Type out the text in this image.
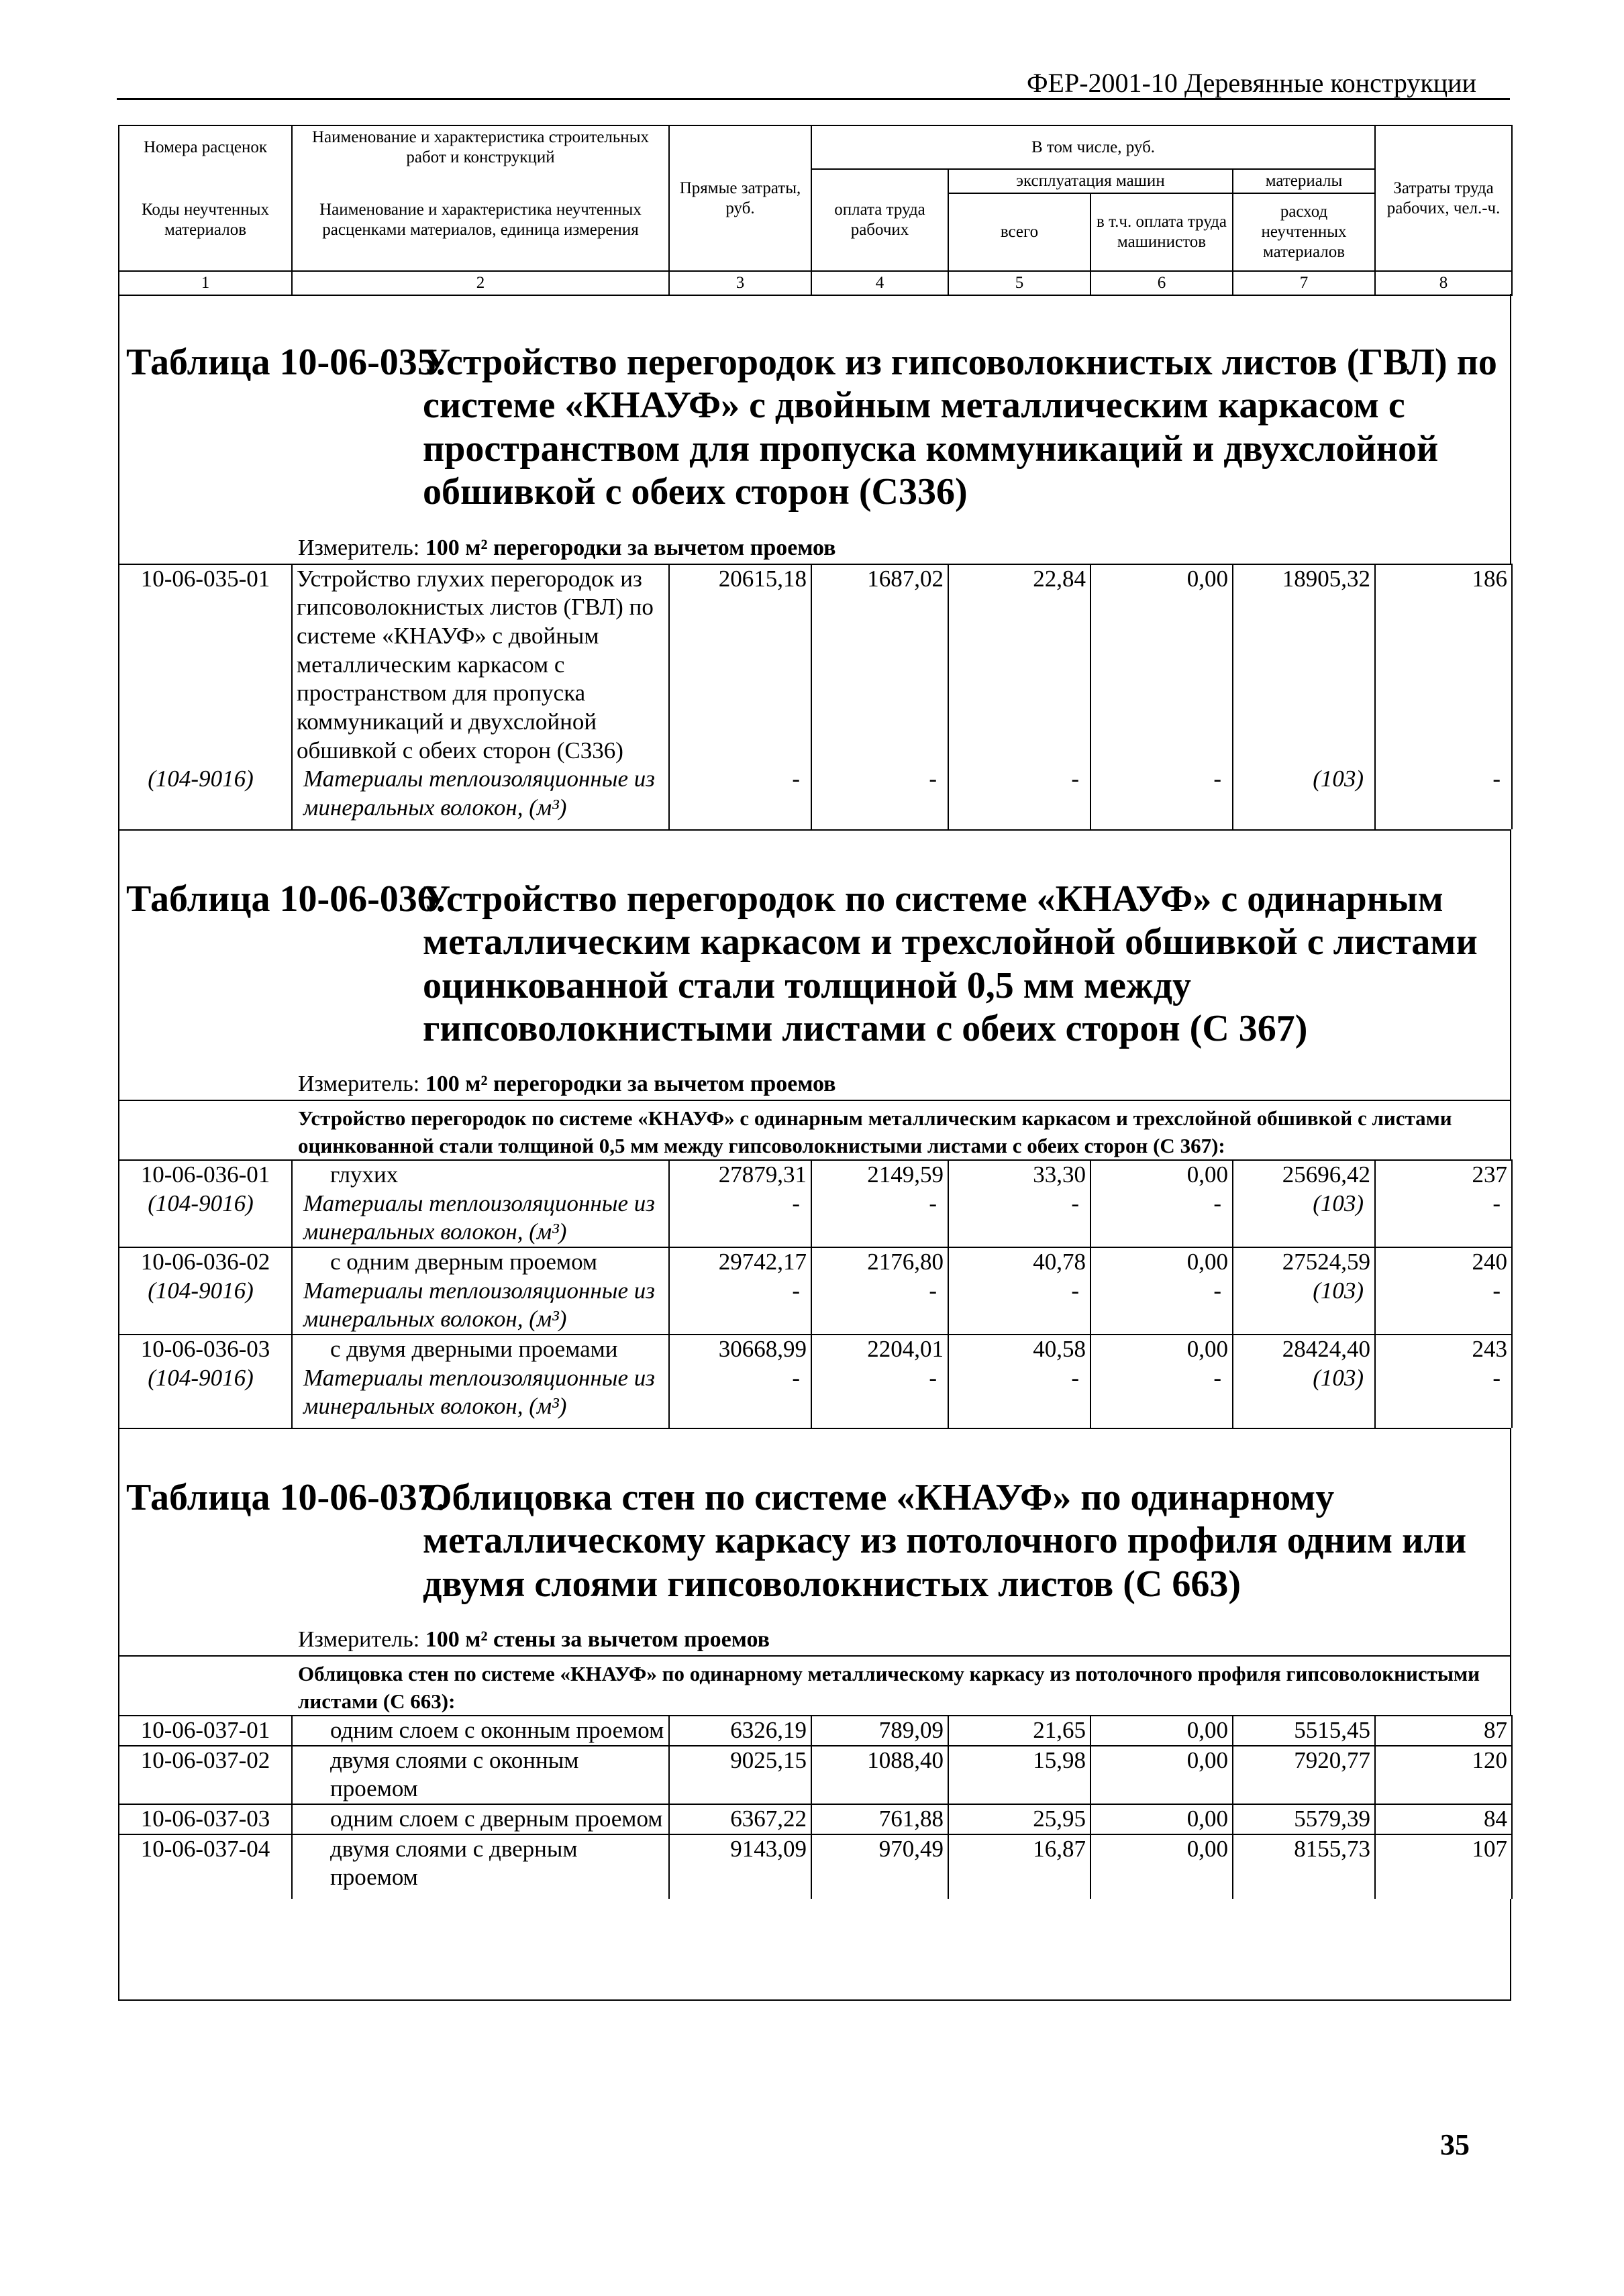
ФЕР-2001-10 Деревянные конструкции
Номера расценок	Наименование и характеристика строительных работ и конструкций	Прямые затраты, руб.	В том числе, руб.				Затраты труда рабочих, чел.-ч.
Коды неучтенных материалов	Наименование и характеристика неучтенных расценками материалов, единица измерения		оплата труда рабочих	эксплуатация машин		материалы	
				всего	в т.ч. оплата труда машинистов	расход неучтенных материалов	
1	2	3	4	5	6	7	8
Таблица 10-06-035.
Устройство перегородок из гипсоволокнистых листов (ГВЛ) по системе «КНАУФ» с двойным металлическим каркасом с пространством для пропуска коммуникаций и двухслойной обшивкой с обеих сторон (С336)
Измеритель: 100 м² перегородки за вычетом проемов
10-06-035-01	Устройство глухих перегородок из гипсоволокнистых листов (ГВЛ) по системе «КНАУФ» с двойным металлическим каркасом с пространством для пропуска коммуникаций и двухслойной обшивкой с обеих сторон (С336)	20615,18	1687,02	22,84	0,00	18905,32	186
(104-9016)	Материалы теплоизоляционные из минеральных волокон, (м³)	-	-	-	-	(103)	-

Таблица 10-06-036.
Устройство перегородок по системе «КНАУФ» с одинарным металлическим каркасом и трехслойной обшивкой с листами оцинкованной стали толщиной 0,5 мм между гипсоволокнистыми листами с обеих сторон (С 367)
Измеритель: 100 м² перегородки за вычетом проемов
Устройство перегородок по системе «КНАУФ» с одинарным металлическим каркасом и трехслойной обшивкой с листами оцинкованной стали толщиной 0,5 мм между гипсоволокнистыми листами с обеих сторон (С 367):
10-06-036-01	глухих	27879,31	2149,59	33,30	0,00	25696,42	237
(104-9016)	Материалы теплоизоляционные из минеральных волокон, (м³)	-	-	-	-	(103)	-
10-06-036-02	с одним дверным проемом	29742,17	2176,80	40,78	0,00	27524,59	240
(104-9016)	Материалы теплоизоляционные из минеральных волокон, (м³)	-	-	-	-	(103)	-
10-06-036-03	с двумя дверными проемами	30668,99	2204,01	40,58	0,00	28424,40	243
(104-9016)	Материалы теплоизоляционные из минеральных волокон, (м³)	-	-	-	-	(103)	-

Таблица 10-06-037.
Облицовка стен по системе «КНАУФ» по одинарному металлическому каркасу из потолочного профиля одним или двумя слоями гипсоволокнистых листов (С 663)
Измеритель: 100 м² стены за вычетом проемов
Облицовка стен по системе «КНАУФ» по одинарному металлическому каркасу из потолочного профиля гипсоволокнистыми листами (С 663):
10-06-037-01	одним слоем с оконным проемом	6326,19	789,09	21,65	0,00	5515,45	87
10-06-037-02	двумя слоями с оконным проемом	9025,15	1088,40	15,98	0,00	7920,77	120
10-06-037-03	одним слоем с дверным проемом	6367,22	761,88	25,95	0,00	5579,39	84
10-06-037-04	двумя слоями с дверным проемом	9143,09	970,49	16,87	0,00	8155,73	107

35
